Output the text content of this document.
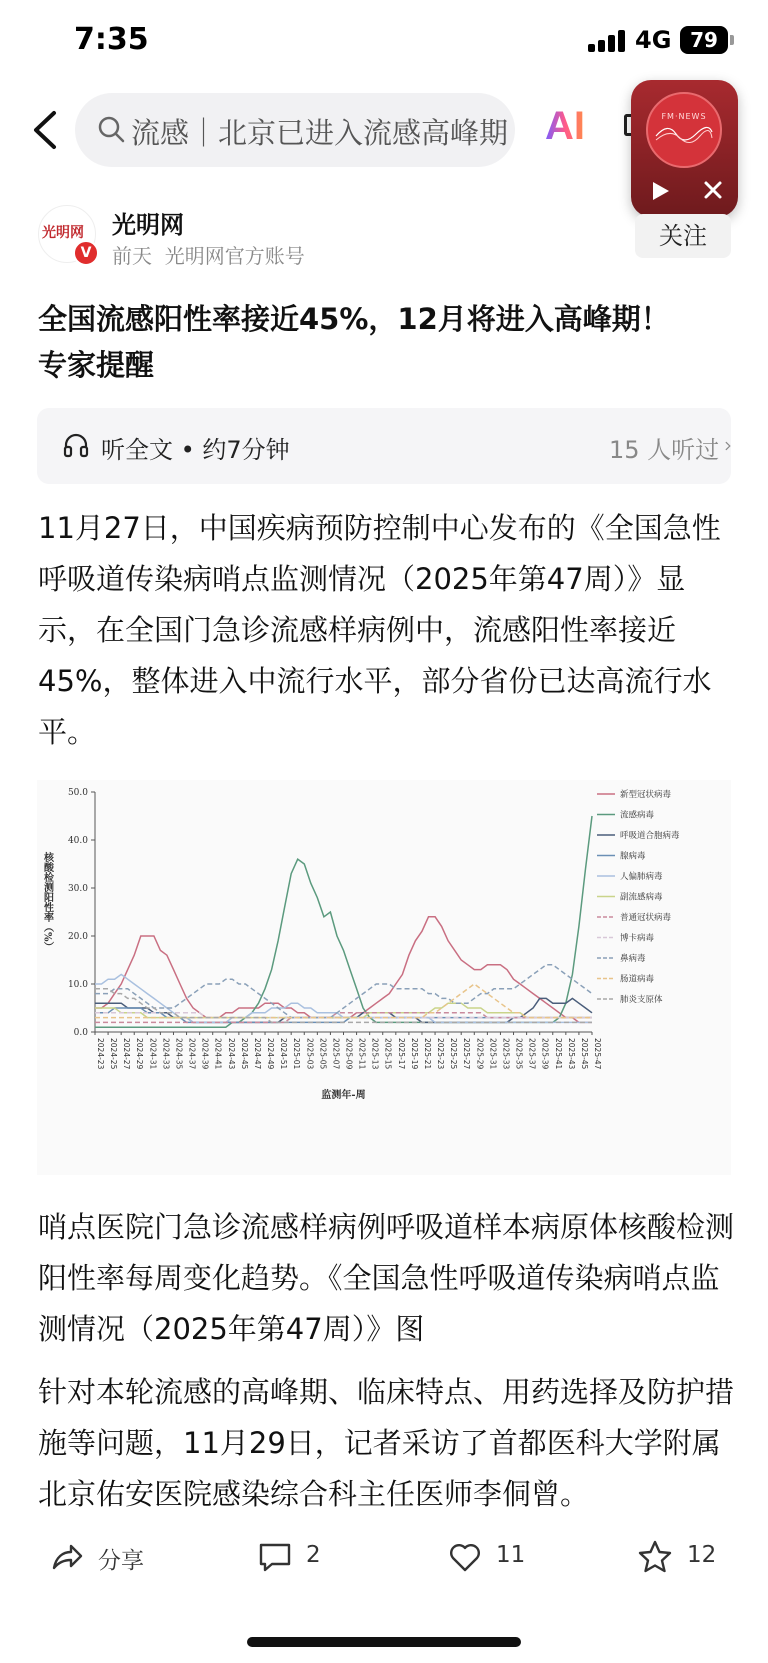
7:35	4G 79
流感｜北京已进入流感高峰期 AI	FM·NEWS
光明网
V
光明网
前天 光明网官方账号
关注
全国流感阳性率接近45%，12月将进入高峰期！
专家提醒
听全文 • 约7分钟	15 人听过
11月27日，中国疾病预防控制中心发布的《全国急性呼吸道传染病哨点监测情况（2025年第47周）》显示，在全国门急诊流感样病例中，流感阳性率接近45%，整体进入中流行水平，部分省份已达高流行水平。
0.0
10.0
20.0
30.0
40.0
50.0
核酸检测阳性率（%）
2024-23 2024-25 2024-27 2024-29 2024-31 2024-33 2024-35 2024-37 2024-39 2024-41 2024-43 2024-45 2024-47 2024-49 2024-51 2025-01 2025-03 2025-05 2025-07 2025-09 2025-11 2025-13 2025-15 2025-17 2025-19 2025-21 2025-23 2025-25 2025-27 2025-29 2025-31 2025-33 2025-35 2025-37 2025-39 2025-41 2025-43 2025-45 2025-47
监测年-周
新型冠状病毒
流感病毒
呼吸道合胞病毒
腺病毒
人偏肺病毒
副流感病毒
普通冠状病毒
博卡病毒
鼻病毒
肠道病毒
肺炎支原体
哨点医院门急诊流感样病例呼吸道样本病原体核酸检测阳性率每周变化趋势。《全国急性呼吸道传染病哨点监测情况（2025年第47周）》图
针对本轮流感的高峰期、临床特点、用药选择及防护措施等问题，11月29日，记者采访了首都医科大学附属北京佑安医院感染综合科主任医师李侗曾。
分享	2	11	12
